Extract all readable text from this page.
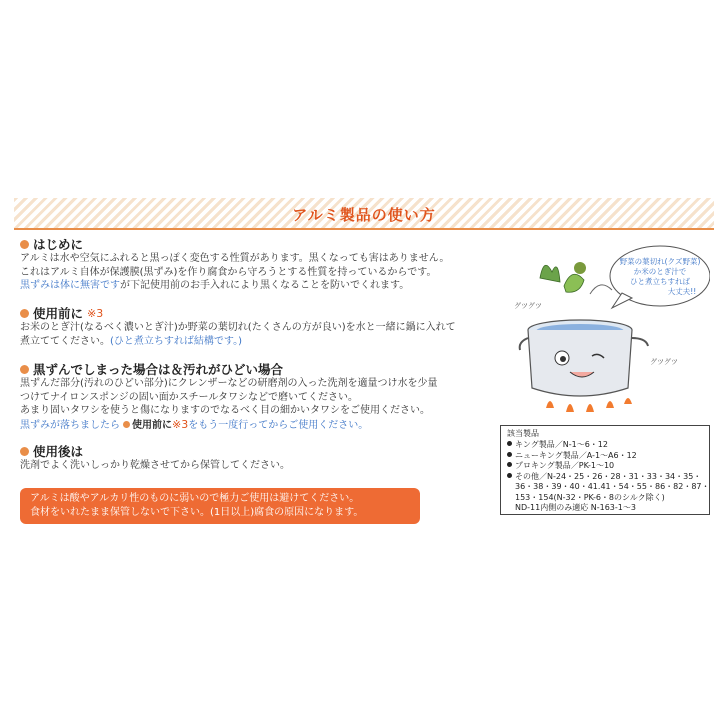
アルミ製品の使い方
はじめに
アルミは水や空気にふれると黒っぽく変色する性質があります。黒くなっても害はありません。
これはアルミ自体が保護膜(黒ずみ)を作り腐食から守ろうとする性質を持っているからです。
黒ずみは体に無害ですが下記使用前のお手入れにより黒くなることを防いでくれます。
使用前に ※3
お米のとぎ汁(なるべく濃いとぎ汁)か野菜の葉切れ(たくさんの方が良い)を水と一緒に鍋に入れて
煮立ててください。(ひと煮立ちすれば結構です。)
黒ずんでしまった場合は＆汚れがひどい場合
黒ずんだ部分(汚れのひどい部分)にクレンザーなどの研磨剤の入った洗剤を適量つけ水を少量
つけてナイロンスポンジの固い面かスチールタワシなどで磨いてください。
あまり固いタワシを使うと傷になりますのでなるべく目の細かいタワシをご使用ください。
黒ずみが落ちましたら 使用前に※3をもう一度行ってからご使用ください。
使用後は
洗剤でよく洗いしっかり乾燥させてから保管してください。
アルミは酸やアルカリ性のものに弱いので極力ご使用は避けてください。
食材をいれたまま保管しないで下さい。(1日以上)腐食の原因になります。
野菜の葉切れ(クズ野菜)
か米のとぎ汁で
ひと煮立ちすれば
大丈夫!!
グツグツ
グツグツ
該当製品
キング製品／N-1～6・12
ニューキング製品／A-1～A6・12
プロキング製品／PK-1～10
その他／N-24・25・26・28・31・33・34・35・
36・38・39・40・41.41・54・55・86・82・87・
153・154(N-32・PK-6・8のシルク除く)
ND-11内側のみ適応 N-163-1～3
